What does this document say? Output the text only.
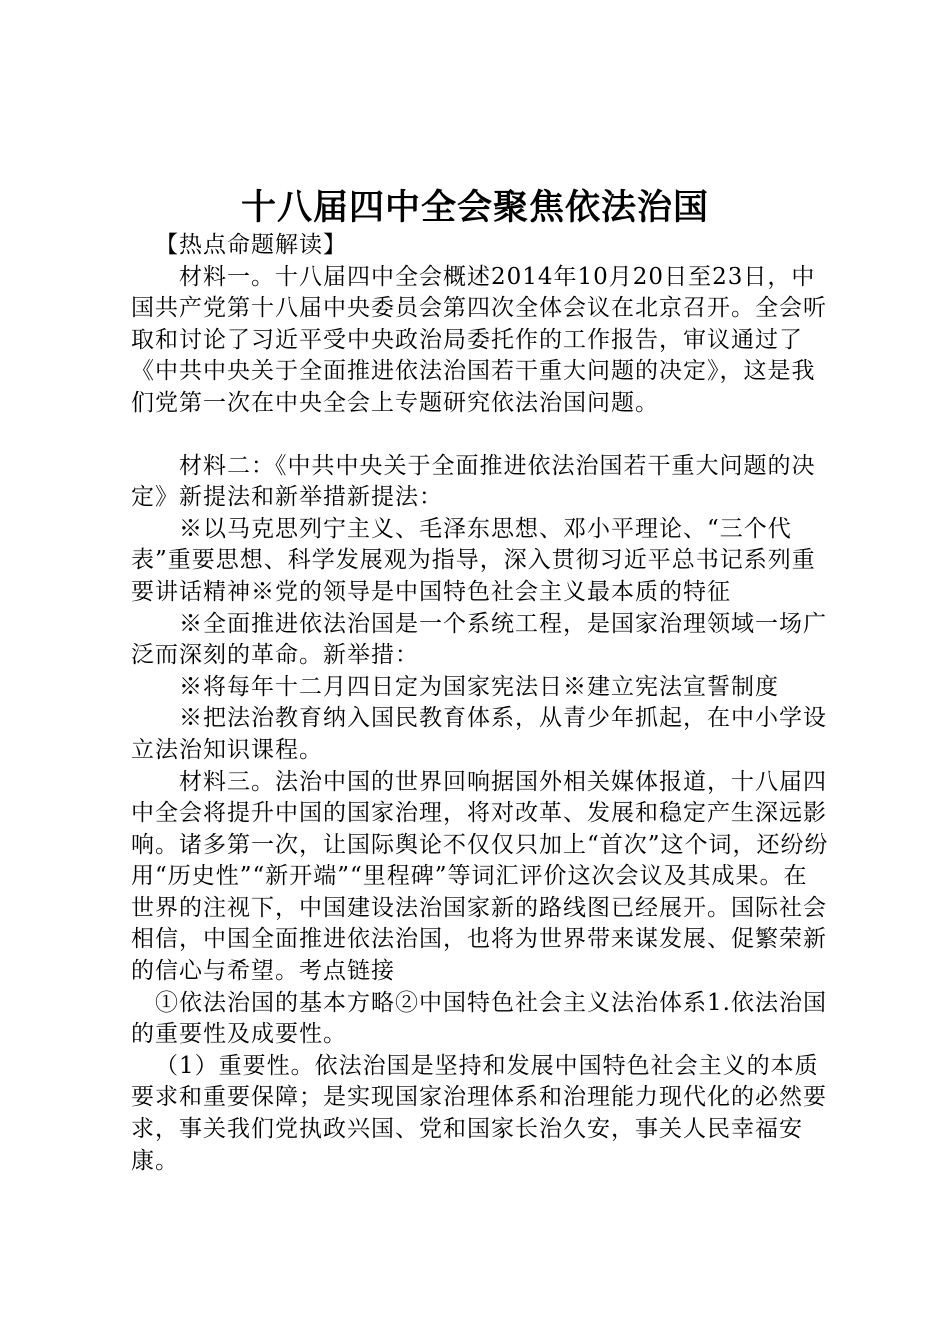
十八届四中全会聚焦依法治国

【热点命题解读】

材料一。十八届四中全会概述2014年10月20日至23日，中国共产党第十八届中央委员会第四次全体会议在北京召开。全会听取和讨论了习近平受中央政治局委托作的工作报告，审议通过了《中共中央关于全面推进依法治国若干重大问题的决定》，这是我们党第一次在中央全会上专题研究依法治国问题。

材料二：《中共中央关于全面推进依法治国若干重大问题的决定》新提法和新举措新提法：

※以马克思列宁主义、毛泽东思想、邓小平理论、“三个代表”重要思想、科学发展观为指导，深入贯彻习近平总书记系列重要讲话精神※党的领导是中国特色社会主义最本质的特征

※全面推进依法治国是一个系统工程，是国家治理领域一场广泛而深刻的革命。新举措：

※将每年十二月四日定为国家宪法日※建立宪法宣誓制度

※把法治教育纳入国民教育体系，从青少年抓起，在中小学设立法治知识课程。

材料三。法治中国的世界回响据国外相关媒体报道，十八届四中全会将提升中国的国家治理，将对改革、发展和稳定产生深远影响。诸多第一次，让国际舆论不仅仅只加上“首次”这个词，还纷纷用“历史性”“新开端”“里程碑”等词汇评价这次会议及其成果。在世界的注视下，中国建设法治国家新的路线图已经展开。国际社会相信，中国全面推进依法治国，也将为世界带来谋发展、促繁荣新的信心与希望。考点链接

①依法治国的基本方略②中国特色社会主义法治体系1.依法治国的重要性及成要性。

（1）重要性。依法治国是坚持和发展中国特色社会主义的本质要求和重要保障；是实现国家治理体系和治理能力现代化的必然要求，事关我们党执政兴国、党和国家长治久安，事关人民幸福安康。
